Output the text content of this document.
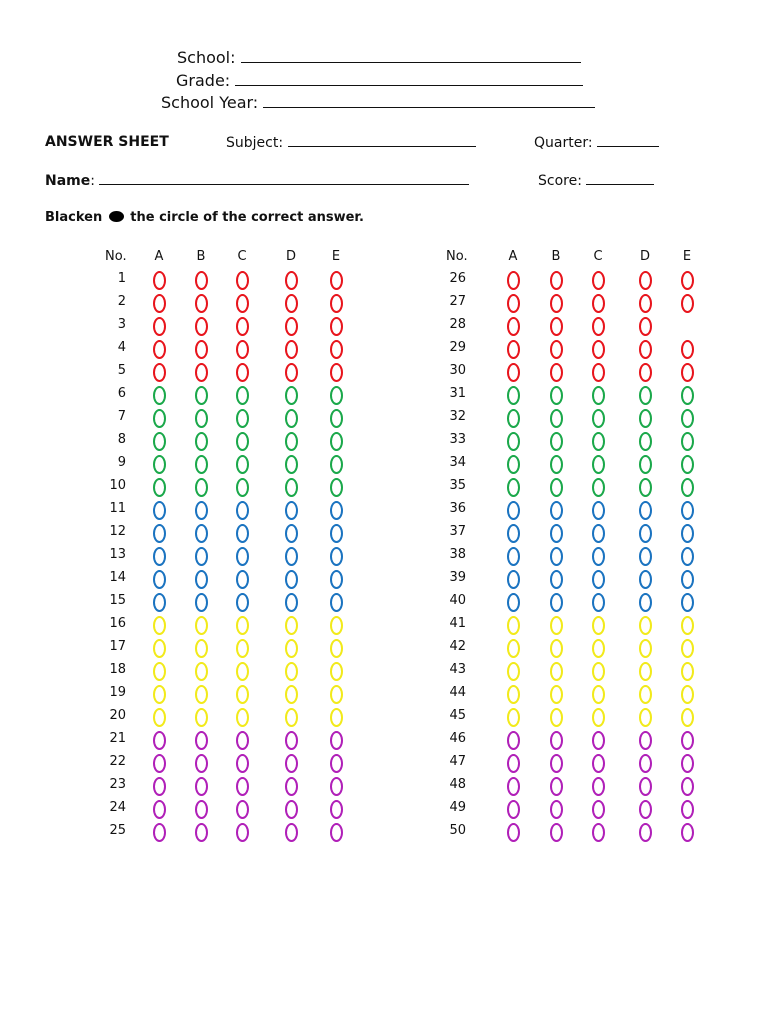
School:
Grade:
School Year:
ANSWER SHEET	Subject:	Quarter:
Name:	Score:
Blacken the circle of the correct answer.
No.	A	B	C	D	E
1
2
3
4
5
6
7
8
9
10
11
12
13
14
15
16
17
18
19
20
21
22
23
24
25
No.	A	B	C	D	E
26
27
28
29
30
31
32
33
34
35
36
37
38
39
40
41
42
43
44
45
46
47
48
49
50
